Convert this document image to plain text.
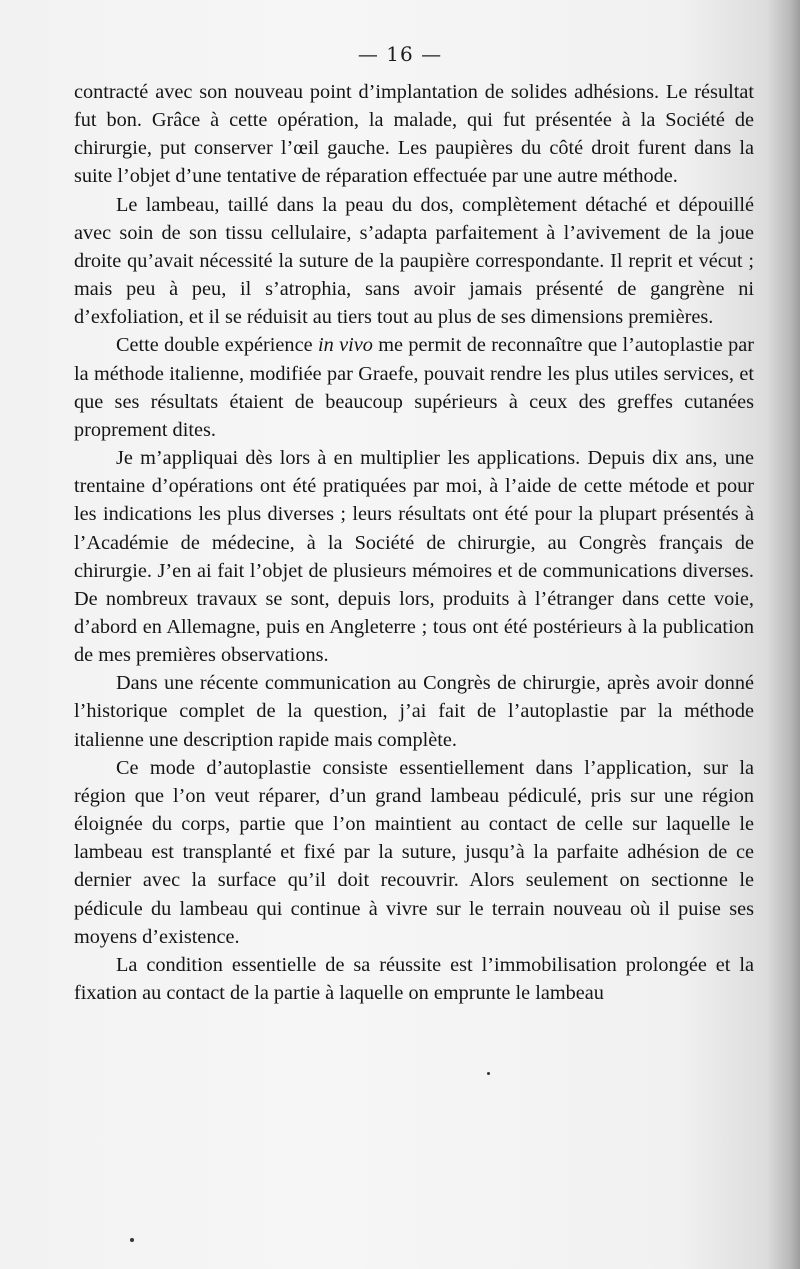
— 16 —

contracté avec son nouveau point d’implantation de solides adhésions. Le résultat fut bon. Grâce à cette opération, la malade, qui fut présentée à la Société de chirurgie, put conserver l’œil gauche. Les paupières du côté droit furent dans la suite l’objet d’une tentative de réparation effectuée par une autre méthode.

Le lambeau, taillé dans la peau du dos, complètement détaché et dépouillé avec soin de son tissu cellulaire, s’adapta parfaitement à l’avivement de la joue droite qu’avait nécessité la suture de la paupière correspondante. Il reprit et vécut ; mais peu à peu, il s’atrophia, sans avoir jamais présenté de gangrène ni d’exfoliation, et il se réduisit au tiers tout au plus de ses dimensions premières.

Cette double expérience in vivo me permit de reconnaître que l’autoplastie par la méthode italienne, modifiée par Graefe, pouvait rendre les plus utiles services, et que ses résultats étaient de beaucoup supérieurs à ceux des greffes cutanées proprement dites.

Je m’appliquai dès lors à en multiplier les applications. Depuis dix ans, une trentaine d’opérations ont été pratiquées par moi, à l’aide de cette métode et pour les indications les plus diverses ; leurs résultats ont été pour la plupart présentés à l’Académie de médecine, à la Société de chirurgie, au Congrès français de chirurgie. J’en ai fait l’objet de plusieurs mémoires et de communications diverses. De nombreux travaux se sont, depuis lors, produits à l’étranger dans cette voie, d’abord en Allemagne, puis en Angleterre ; tous ont été postérieurs à la publication de mes premières observations.

Dans une récente communication au Congrès de chirurgie, après avoir donné l’historique complet de la question, j’ai fait de l’autoplastie par la méthode italienne une description rapide mais complète.

Ce mode d’autoplastie consiste essentiellement dans l’application, sur la région que l’on veut réparer, d’un grand lambeau pédiculé, pris sur une région éloignée du corps, partie que l’on maintient au contact de celle sur laquelle le lambeau est transplanté et fixé par la suture, jusqu’à la parfaite adhésion de ce dernier avec la surface qu’il doit recouvrir. Alors seulement on sectionne le pédicule du lambeau qui continue à vivre sur le terrain nouveau où il puise ses moyens d’existence.

La condition essentielle de sa réussite est l’immobilisation prolongée et la fixation au contact de la partie à laquelle on emprunte le lambeau
